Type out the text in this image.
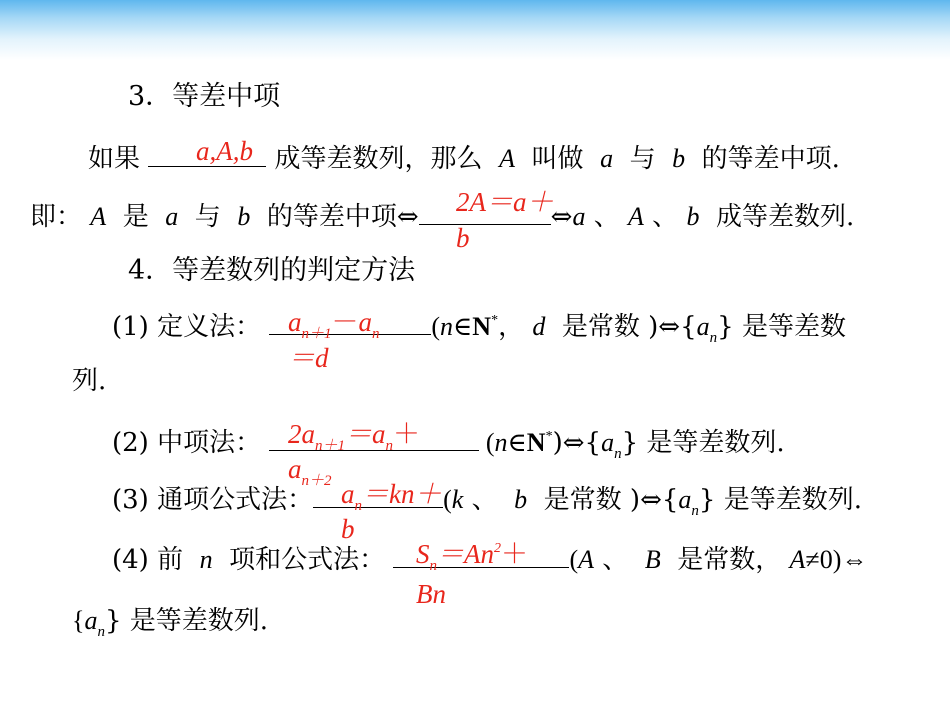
3．等差中项
如果	成等差数列，那么 A 叫做 a 与 b 的等差中项.
a,A,b
即： A 是 a 与 b 的等差中项⇔	⇔a 、 A 、 b 成等差数列.
2A＝a＋
b
4．等差数列的判定方法
(1) 定义法：	(n∈N*， d 是常数 )$\Leftrightarrow\{a_n\}$ 是等差数
$a_{n+1}-a_n$
＝d
列.
(2) 中项法：	$(n\in N^*)\Leftrightarrow\{a_n\}$ 是等差数列.
$2a_{n+1}=a_n+$
$a_{n+2}$
(3) 通项公式法：	(k 、 b 是常数 )$\Leftrightarrow\{a_n\}$ 是等差数列.
$a_n=kn+$
b
(4) 前 n 项和公式法：	(A 、 B 是常数， A≠0)⇔
$S_n=An^2+$
Bn
$\{a_n\}$ 是等差数列.
